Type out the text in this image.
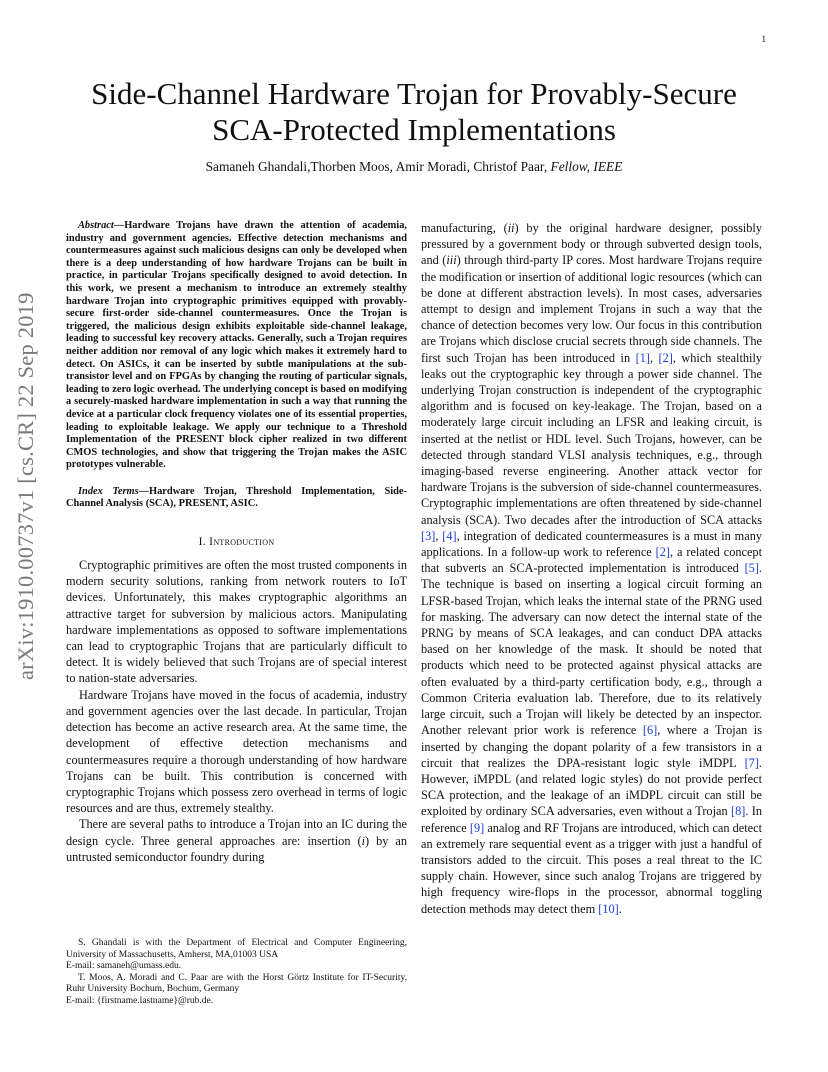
1
arXiv:1910.00737v1 [cs.CR] 22 Sep 2019
Side-Channel Hardware Trojan for Provably-Secure
SCA-Protected Implementations

Samaneh Ghandali,Thorben Moos, Amir Moradi, Christof Paar, Fellow, IEEE

Abstract—Hardware Trojans have drawn the attention of academia, industry and government agencies. Effective detection mechanisms and countermeasures against such malicious designs can only be developed when there is a deep understanding of how hardware Trojans can be built in practice, in particular Trojans specifically designed to avoid detection. In this work, we present a mechanism to introduce an extremely stealthy hardware Trojan into cryptographic primitives equipped with provably-secure first-order side-channel countermeasures. Once the Trojan is triggered, the malicious design exhibits exploitable side-channel leakage, leading to successful key recovery attacks. Generally, such a Trojan requires neither addition nor removal of any logic which makes it extremely hard to detect. On ASICs, it can be inserted by subtle manipulations at the sub-transistor level and on FPGAs by changing the routing of particular signals, leading to zero logic overhead. The underlying concept is based on modifying a securely-masked hardware implementation in such a way that running the device at a particular clock frequency violates one of its essential properties, leading to exploitable leakage. We apply our technique to a Threshold Implementation of the PRESENT block cipher realized in two different CMOS technologies, and show that triggering the Trojan makes the ASIC prototypes vulnerable.

Index Terms—Hardware Trojan, Threshold Implementation, Side-Channel Analysis (SCA), PRESENT, ASIC.

I. Introduction

Cryptographic primitives are often the most trusted components in modern security solutions, ranking from network routers to IoT devices. Unfortunately, this makes cryptographic algorithms an attractive target for subversion by malicious actors. Manipulating hardware implementations as opposed to software implementations can lead to cryptographic Trojans that are particularly difficult to detect. It is widely believed that such Trojans are of special interest to nation-state adversaries.

Hardware Trojans have moved in the focus of academia, industry and government agencies over the last decade. In particular, Trojan detection has become an active research area. At the same time, the development of effective detection mechanisms and countermeasures require a thorough understanding of how hardware Trojans can be built. This contribution is concerned with cryptographic Trojans which possess zero overhead in terms of logic resources and are thus, extremely stealthy.

There are several paths to introduce a Trojan into an IC during the design cycle. Three general approaches are: insertion (i) by an untrusted semiconductor foundry during

S. Ghandali is with the Department of Electrical and Computer Engineering, University of Massachusetts, Amherst, MA,01003 USA

E-mail: samaneh@umass.edu.

T. Moos, A. Moradi and C. Paar are with the Horst Görtz Institute for IT-Security, Ruhr University Bochum, Bochum, Germany

E-mail: {firstname.lastname}@rub.de.

manufacturing, (ii) by the original hardware designer, possibly pressured by a government body or through subverted design tools, and (iii) through third-party IP cores. Most hardware Trojans require the modification or insertion of additional logic resources (which can be done at different abstraction levels). In most cases, adversaries attempt to design and implement Trojans in such a way that the chance of detection becomes very low. Our focus in this contribution are Trojans which disclose crucial secrets through side channels. The first such Trojan has been introduced in [1], [2], which stealthily leaks out the cryptographic key through a power side channel. The underlying Trojan construction is independent of the cryptographic algorithm and is focused on key-leakage. The Trojan, based on a moderately large circuit including an LFSR and leaking circuit, is inserted at the netlist or HDL level. Such Trojans, however, can be detected through standard VLSI analysis techniques, e.g., through imaging-based reverse engineering. Another attack vector for hardware Trojans is the subversion of side-channel countermeasures. Cryptographic implementations are often threatened by side-channel analysis (SCA). Two decades after the introduction of SCA attacks [3], [4], integration of dedicated countermeasures is a must in many applications. In a follow-up work to reference [2], a related concept that subverts an SCA-protected implementation is introduced [5]. The technique is based on inserting a logical circuit forming an LFSR-based Trojan, which leaks the internal state of the PRNG used for masking. The adversary can now detect the internal state of the PRNG by means of SCA leakages, and can conduct DPA attacks based on her knowledge of the mask. It should be noted that products which need to be protected against physical attacks are often evaluated by a third-party certification body, e.g., through a Common Criteria evaluation lab. Therefore, due to its relatively large circuit, such a Trojan will likely be detected by an inspector. Another relevant prior work is reference [6], where a Trojan is inserted by changing the dopant polarity of a few transistors in a circuit that realizes the DPA-resistant logic style iMDPL [7]. However, iMPDL (and related logic styles) do not provide perfect SCA protection, and the leakage of an iMDPL circuit can still be exploited by ordinary SCA adversaries, even without a Trojan [8]. In reference [9] analog and RF Trojans are introduced, which can detect an extremely rare sequential event as a trigger with just a handful of transistors added to the circuit. This poses a real threat to the IC supply chain. However, since such analog Trojans are triggered by high frequency wire-flops in the processor, abnormal toggling detection methods may detect them [10].
